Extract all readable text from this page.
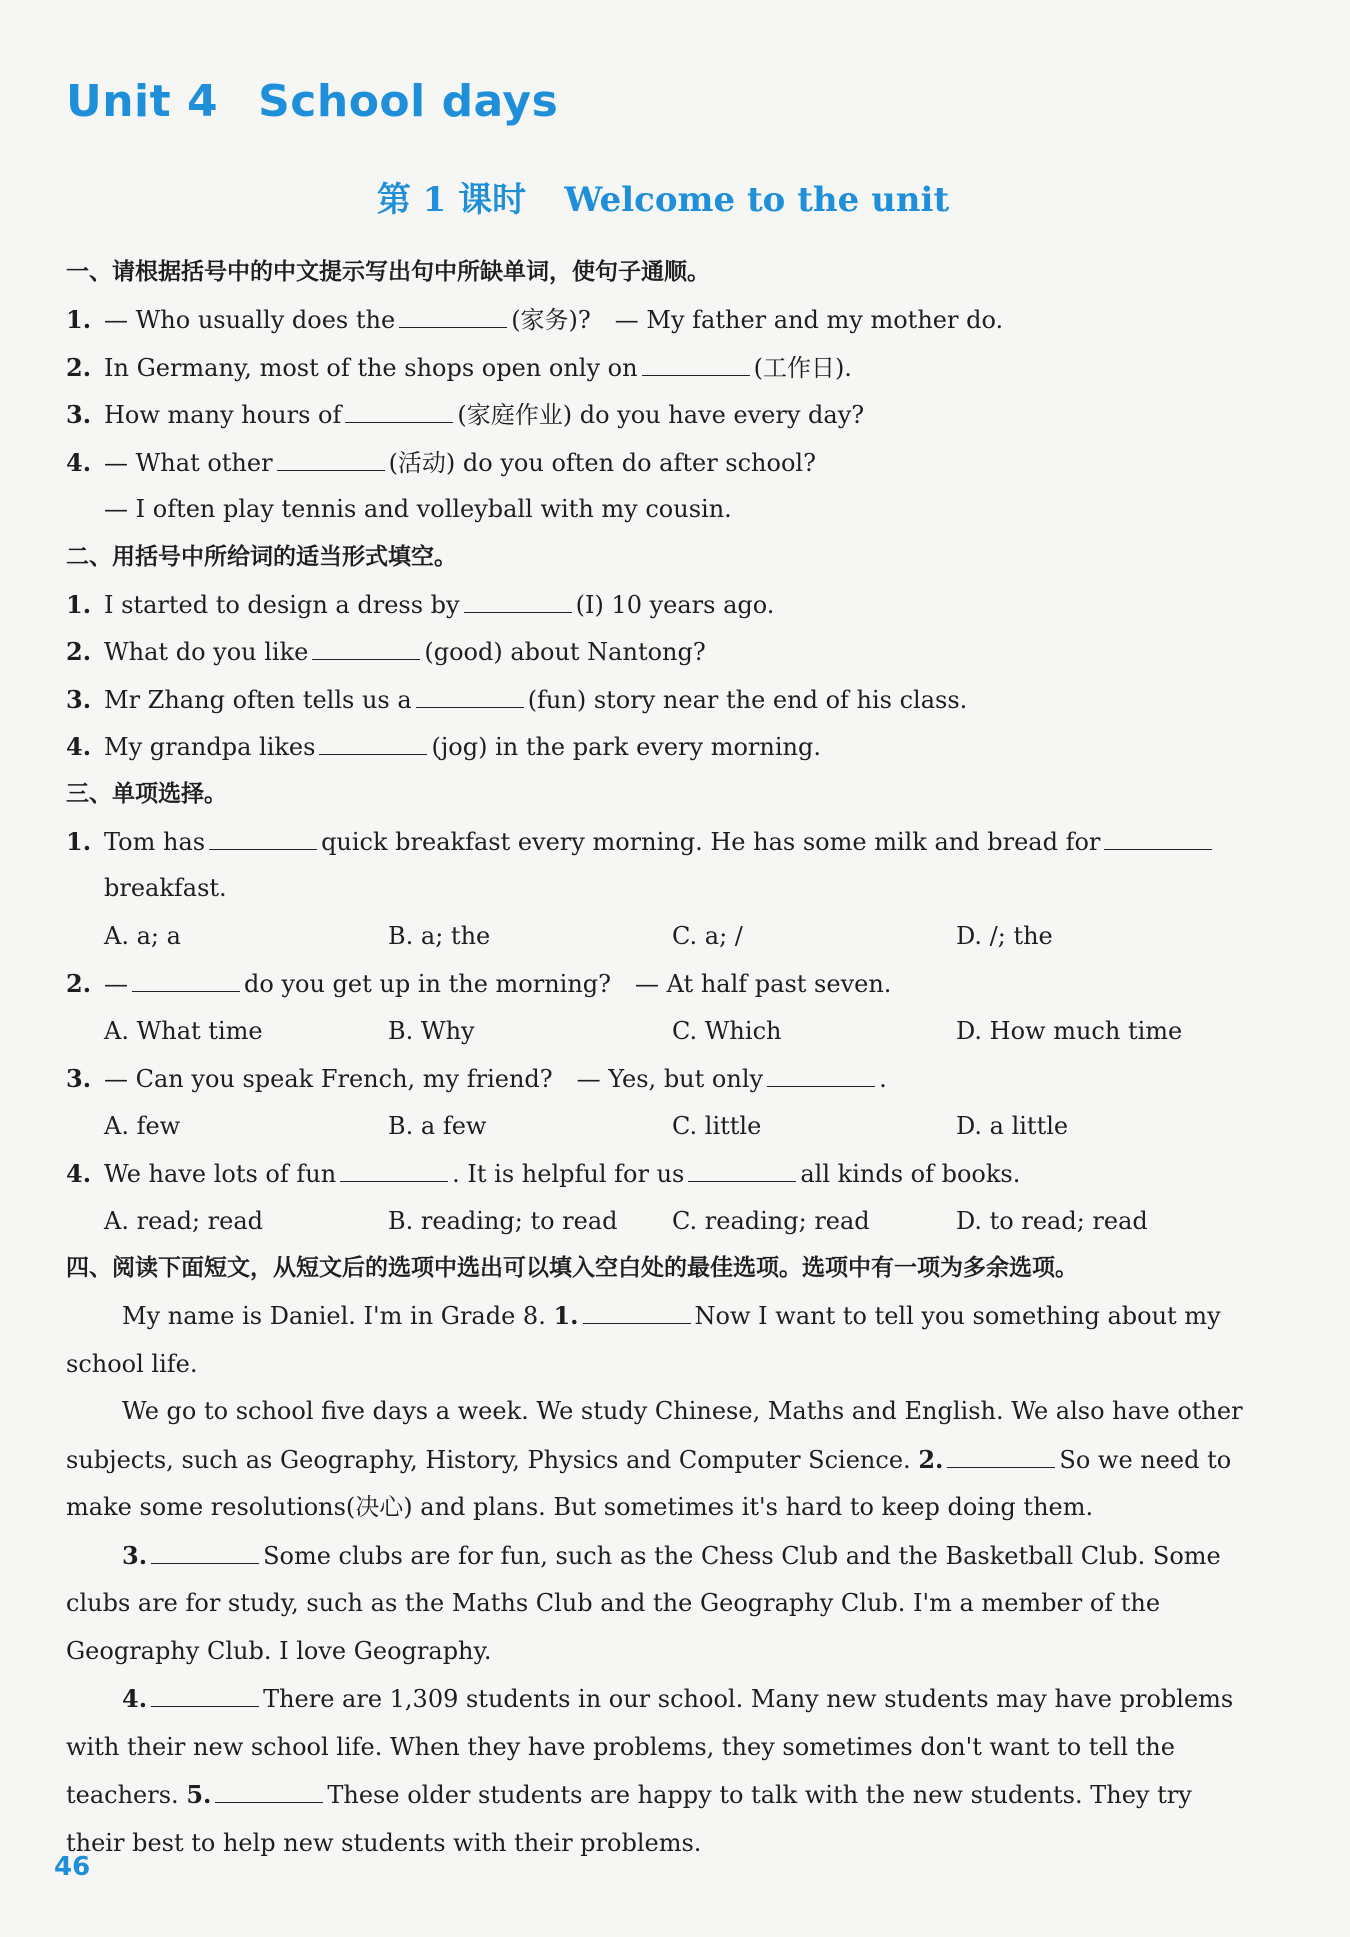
Unit 4 School days
第 1 课时 Welcome to the unit
一、请根据括号中的中文提示写出句中所缺单词，使句子通顺。
1. — Who usually does the	(家务)?　— My father and my mother do.
2. In Germany, most of the shops open only on	(工作日).
3. How many hours of	(家庭作业) do you have every day?
4. — What other	(活动) do you often do after school?
— I often play tennis and volleyball with my cousin.
二、用括号中所给词的适当形式填空。
1. I started to design a dress by	(I) 10 years ago.
2. What do you like	(good) about Nantong?
3. Mr Zhang often tells us a	(fun) story near the end of his class.
4. My grandpa likes	(jog) in the park every morning.
三、单项选择。
1. Tom has	quick breakfast every morning. He has some milk and bread for
breakfast.
A. a; a	B. a; the	C. a; /	D. /; the
2. —	do you get up in the morning?　— At half past seven.
A. What time	B. Why	C. Which	D. How much time
3. — Can you speak French, my friend?　— Yes, but only	.
A. few	B. a few	C. little	D. a little
4. We have lots of fun	. It is helpful for us	all kinds of books.
A. read; read	B. reading; to read	C. reading; read	D. to read; read
四、阅读下面短文，从短文后的选项中选出可以填入空白处的最佳选项。选项中有一项为多余选项。
My name is Daniel. I'm in Grade 8. 1.	Now I want to tell you something about my
school life.
We go to school five days a week. We study Chinese, Maths and English. We also have other
subjects, such as Geography, History, Physics and Computer Science. 2.	So we need to
make some resolutions(决心) and plans. But sometimes it's hard to keep doing them.
3.	Some clubs are for fun, such as the Chess Club and the Basketball Club. Some
clubs are for study, such as the Maths Club and the Geography Club. I'm a member of the
Geography Club. I love Geography.
4.	There are 1,309 students in our school. Many new students may have problems
with their new school life. When they have problems, they sometimes don't want to tell the
teachers. 5.	These older students are happy to talk with the new students. They try
their best to help new students with their problems.
46
